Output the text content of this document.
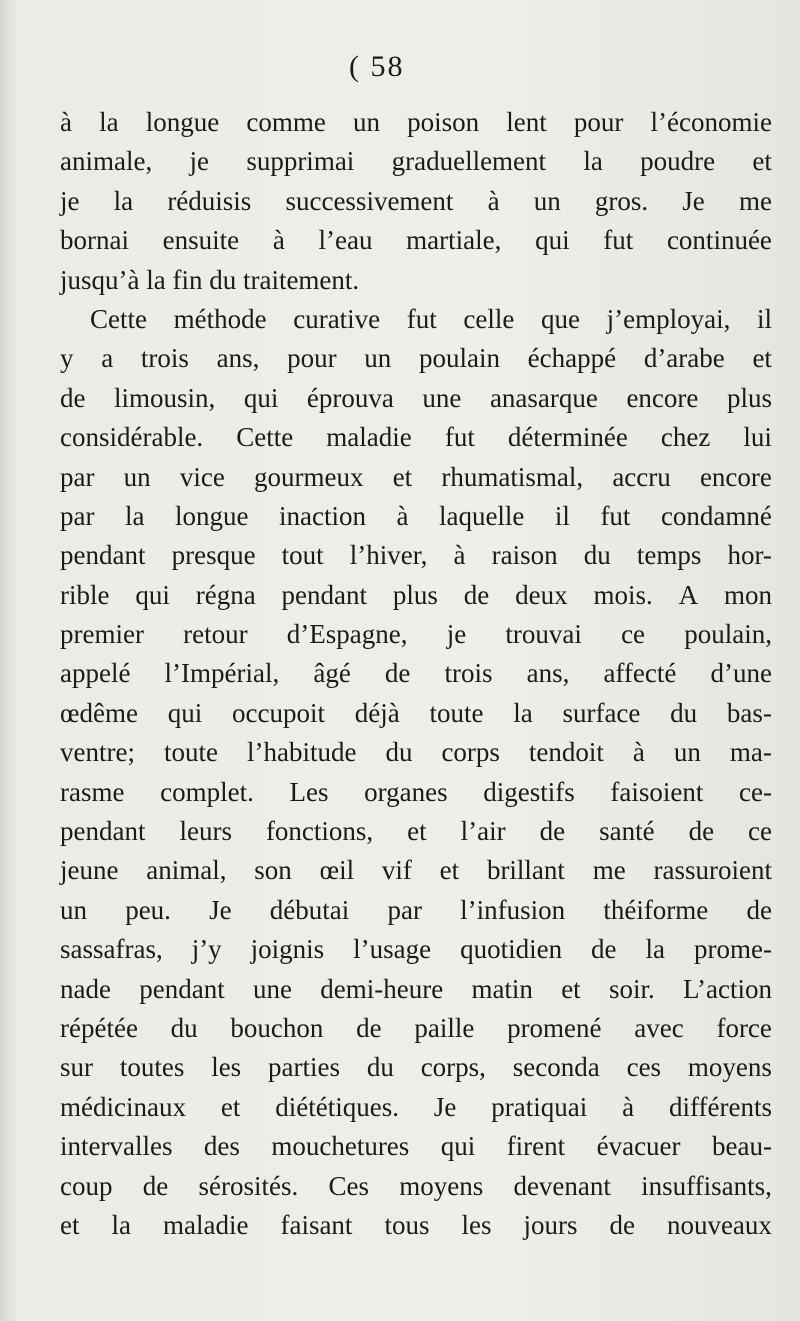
( 58
à la longue comme un poison lent pour l’économie
animale, je supprimai graduellement la poudre et
je la réduisis successivement à un gros. Je me
bornai ensuite à l’eau martiale, qui fut continuée
jusqu’à la fin du traitement.
Cette méthode curative fut celle que j’employai, il
y a trois ans, pour un poulain échappé d’arabe et
de limousin, qui éprouva une anasarque encore plus
considérable. Cette maladie fut déterminée chez lui
par un vice gourmeux et rhumatismal, accru encore
par la longue inaction à laquelle il fut condamné
pendant presque tout l’hiver, à raison du temps hor-
rible qui régna pendant plus de deux mois. A mon
premier retour d’Espagne, je trouvai ce poulain,
appelé l’Impérial, âgé de trois ans, affecté d’une
œdême qui occupoit déjà toute la surface du bas-
ventre; toute l’habitude du corps tendoit à un ma-
rasme complet. Les organes digestifs faisoient ce-
pendant leurs fonctions, et l’air de santé de ce
jeune animal, son œil vif et brillant me rassuroient
un peu. Je débutai par l’infusion théiforme de
sassafras, j’y joignis l’usage quotidien de la prome-
nade pendant une demi-heure matin et soir. L’action
répétée du bouchon de paille promené avec force
sur toutes les parties du corps, seconda ces moyens
médicinaux et diététiques. Je pratiquai à différents
intervalles des mouchetures qui firent évacuer beau-
coup de sérosités. Ces moyens devenant insuffisants,
et la maladie faisant tous les jours de nouveaux
